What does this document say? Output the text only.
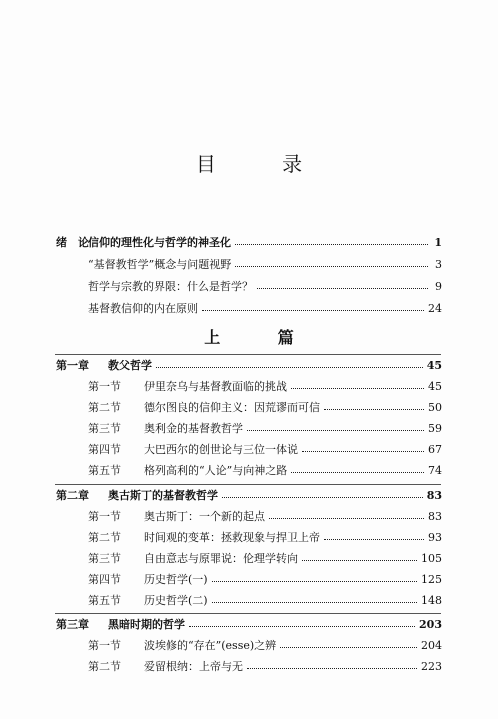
目 录
绪　论 信仰的理性化与哲学的神圣化	1
“基督教哲学”概念与问题视野	3
哲学与宗教的界限：什么是哲学？	9
基督教信仰的内在原则	24
上 篇
第一章	教父哲学	45
第一节	伊里奈乌与基督教面临的挑战	45
第二节	德尔图良的信仰主义：因荒谬而可信	50
第三节	奥利金的基督教哲学	59
第四节	大巴西尔的创世论与三位一体说	67
第五节	格列高利的“人论”与向神之路	74
第二章	奥古斯丁的基督教哲学	83
第一节	奥古斯丁：一个新的起点	83
第二节	时间观的变革：拯救现象与捍卫上帝	93
第三节	自由意志与原罪说：伦理学转向	105
第四节	历史哲学(一)	125
第五节	历史哲学(二)	148
第三章	黑暗时期的哲学	203
第一节	波埃修的“存在”(esse)之辨	204
第二节	爱留根纳：上帝与无	223
